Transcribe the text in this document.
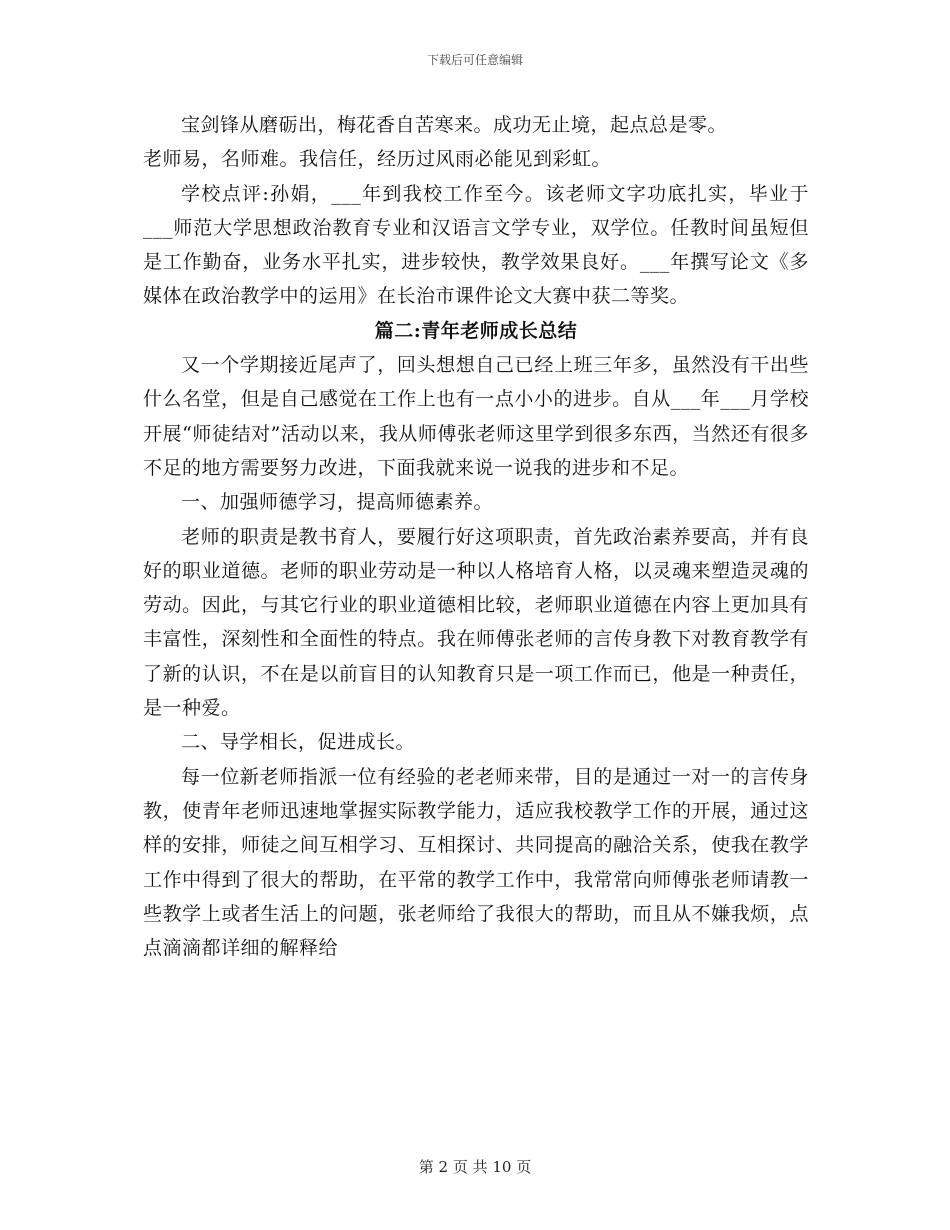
下载后可任意编辑

宝剑锋从磨砺出，梅花香自苦寒来。成功无止境，起点总是零。

老师易，名师难。我信任，经历过风雨必能见到彩虹。

学校点评:孙娟，___年到我校工作至今。该老师文字功底扎实，毕业于___师范大学思想政治教育专业和汉语言文学专业，双学位。任教时间虽短但是工作勤奋，业务水平扎实，进步较快，教学效果良好。___年撰写论文《多媒体在政治教学中的运用》在长治市课件论文大赛中获二等奖。

篇二:青年老师成长总结

又一个学期接近尾声了，回头想想自己已经上班三年多，虽然没有干出些什么名堂，但是自己感觉在工作上也有一点小小的进步。自从___年___月学校开展“师徒结对”活动以来，我从师傅张老师这里学到很多东西，当然还有很多不足的地方需要努力改进，下面我就来说一说我的进步和不足。

一、加强师德学习，提高师德素养。

老师的职责是教书育人，要履行好这项职责，首先政治素养要高，并有良好的职业道德。老师的职业劳动是一种以人格培育人格，以灵魂来塑造灵魂的劳动。因此，与其它行业的职业道德相比较，老师职业道德在内容上更加具有丰富性，深刻性和全面性的特点。我在师傅张老师的言传身教下对教育教学有了新的认识，不在是以前盲目的认知教育只是一项工作而已，他是一种责任，是一种爱。

二、导学相长，促进成长。

每一位新老师指派一位有经验的老老师来带，目的是通过一对一的言传身教，使青年老师迅速地掌握实际教学能力，适应我校教学工作的开展，通过这样的安排，师徒之间互相学习、互相探讨、共同提高的融洽关系，使我在教学工作中得到了很大的帮助，在平常的教学工作中，我常常向师傅张老师请教一些教学上或者生活上的问题，张老师给了我很大的帮助，而且从不嫌我烦，点点滴滴都详细的解释给

第 2 页 共 10 页
